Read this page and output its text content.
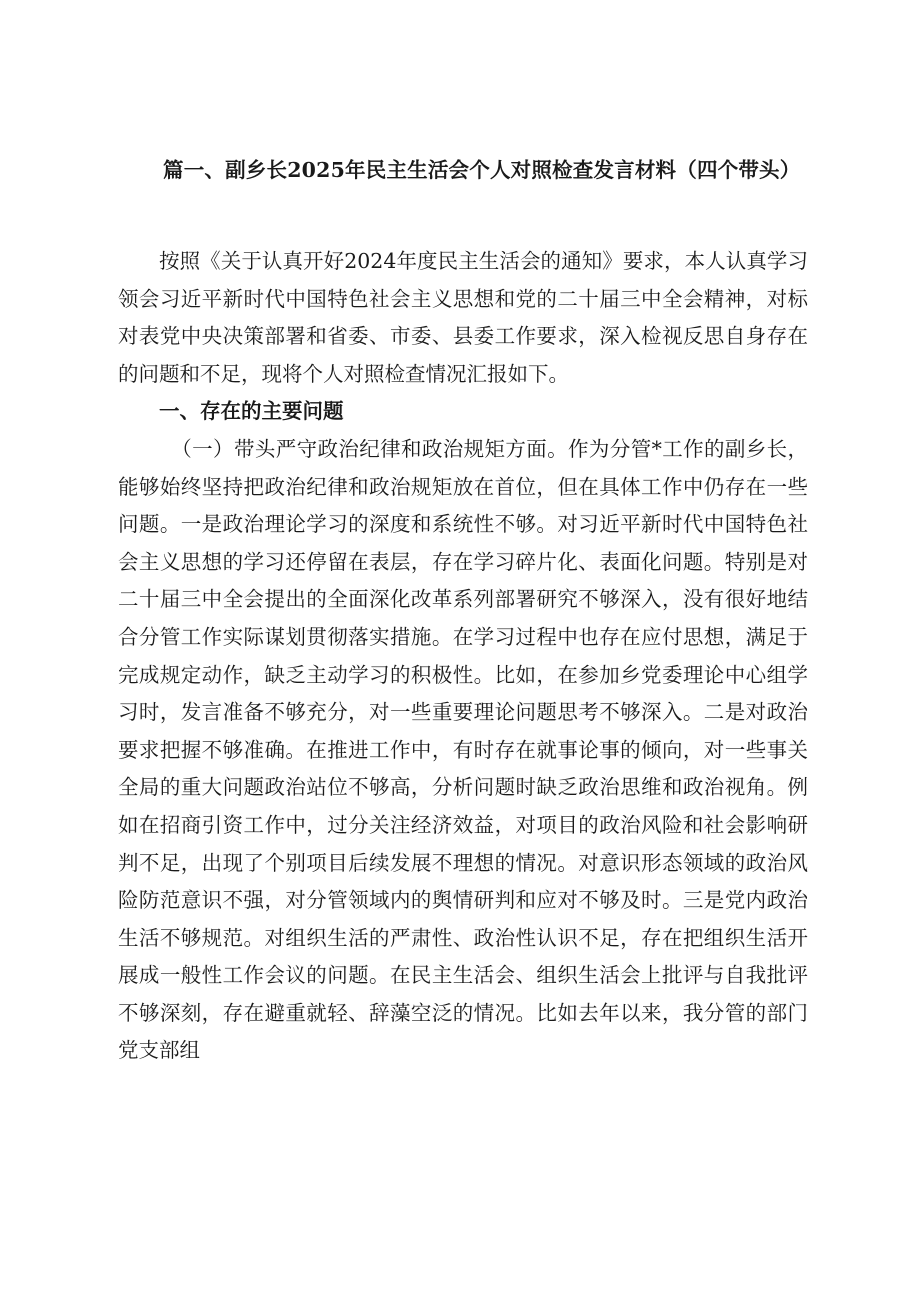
篇一、副乡长2025年民主生活会个人对照检查发言材料（四个带头）

按照《关于认真开好2024年度民主生活会的通知》要求，本人认真学习领会习近平新时代中国特色社会主义思想和党的二十届三中全会精神，对标对表党中央决策部署和省委、市委、县委工作要求，深入检视反思自身存在的问题和不足，现将个人对照检查情况汇报如下。

一、存在的主要问题

（一）带头严守政治纪律和政治规矩方面。作为分管*工作的副乡长，能够始终坚持把政治纪律和政治规矩放在首位，但在具体工作中仍存在一些问题。一是政治理论学习的深度和系统性不够。对习近平新时代中国特色社会主义思想的学习还停留在表层，存在学习碎片化、表面化问题。特别是对二十届三中全会提出的全面深化改革系列部署研究不够深入，没有很好地结合分管工作实际谋划贯彻落实措施。在学习过程中也存在应付思想，满足于完成规定动作，缺乏主动学习的积极性。比如，在参加乡党委理论中心组学习时，发言准备不够充分，对一些重要理论问题思考不够深入。二是对政治要求把握不够准确。在推进工作中，有时存在就事论事的倾向，对一些事关全局的重大问题政治站位不够高，分析问题时缺乏政治思维和政治视角。例如在招商引资工作中，过分关注经济效益，对项目的政治风险和社会影响研判不足，出现了个别项目后续发展不理想的情况。对意识形态领域的政治风险防范意识不强，对分管领域内的舆情研判和应对不够及时。三是党内政治生活不够规范。对组织生活的严肃性、政治性认识不足，存在把组织生活开展成一般性工作会议的问题。在民主生活会、组织生活会上批评与自我批评不够深刻，存在避重就轻、辞藻空泛的情况。比如去年以来，我分管的部门党支部组
